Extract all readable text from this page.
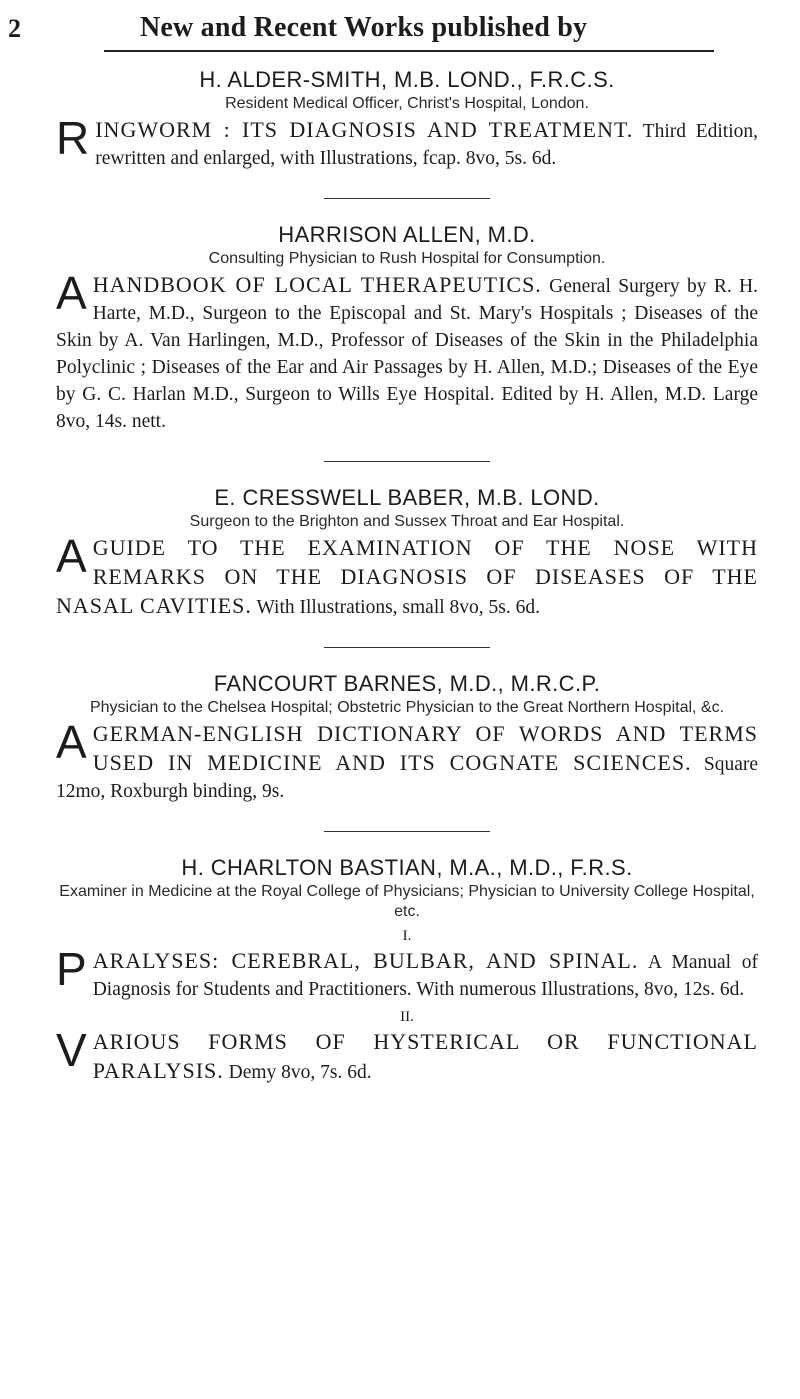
2	New and Recent Works published by

H. ALDER-SMITH, M.B. LOND., F.R.C.S.

Resident Medical Officer, Christ's Hospital, London.

R INGWORM : ITS DIAGNOSIS AND TREATMENT. Third Edition, rewritten and enlarged, with Illustrations, fcap. 8vo, 5s. 6d.

HARRISON ALLEN, M.D.

Consulting Physician to Rush Hospital for Consumption.

A HANDBOOK OF LOCAL THERAPEUTICS. General Surgery by R. H. Harte, M.D., Surgeon to the Episcopal and St. Mary's Hospitals ; Diseases of the Skin by A. Van Harlingen, M.D., Professor of Diseases of the Skin in the Philadelphia Polyclinic ; Diseases of the Ear and Air Passages by H. Allen, M.D.; Diseases of the Eye by G. C. Harlan M.D., Surgeon to Wills Eye Hospital. Edited by H. Allen, M.D. Large 8vo, 14s. nett.

E. CRESSWELL BABER, M.B. LOND.

Surgeon to the Brighton and Sussex Throat and Ear Hospital.

A GUIDE TO THE EXAMINATION OF THE NOSE WITH REMARKS ON THE DIAGNOSIS OF DISEASES OF THE NASAL CAVITIES. With Illustrations, small 8vo, 5s. 6d.

FANCOURT BARNES, M.D., M.R.C.P.

Physician to the Chelsea Hospital; Obstetric Physician to the Great Northern Hospital, &c.

A GERMAN-ENGLISH DICTIONARY OF WORDS AND TERMS USED IN MEDICINE AND ITS COGNATE SCIENCES. Square 12mo, Roxburgh binding, 9s.

H. CHARLTON BASTIAN, M.A., M.D., F.R.S.

Examiner in Medicine at the Royal College of Physicians; Physician to University College Hospital, etc.

I.

P ARALYSES: CEREBRAL, BULBAR, AND SPINAL. A Manual of Diagnosis for Students and Practitioners. With numerous Illustrations, 8vo, 12s. 6d.

II.

V ARIOUS FORMS OF HYSTERICAL OR FUNCTIONAL PARALYSIS. Demy 8vo, 7s. 6d.
